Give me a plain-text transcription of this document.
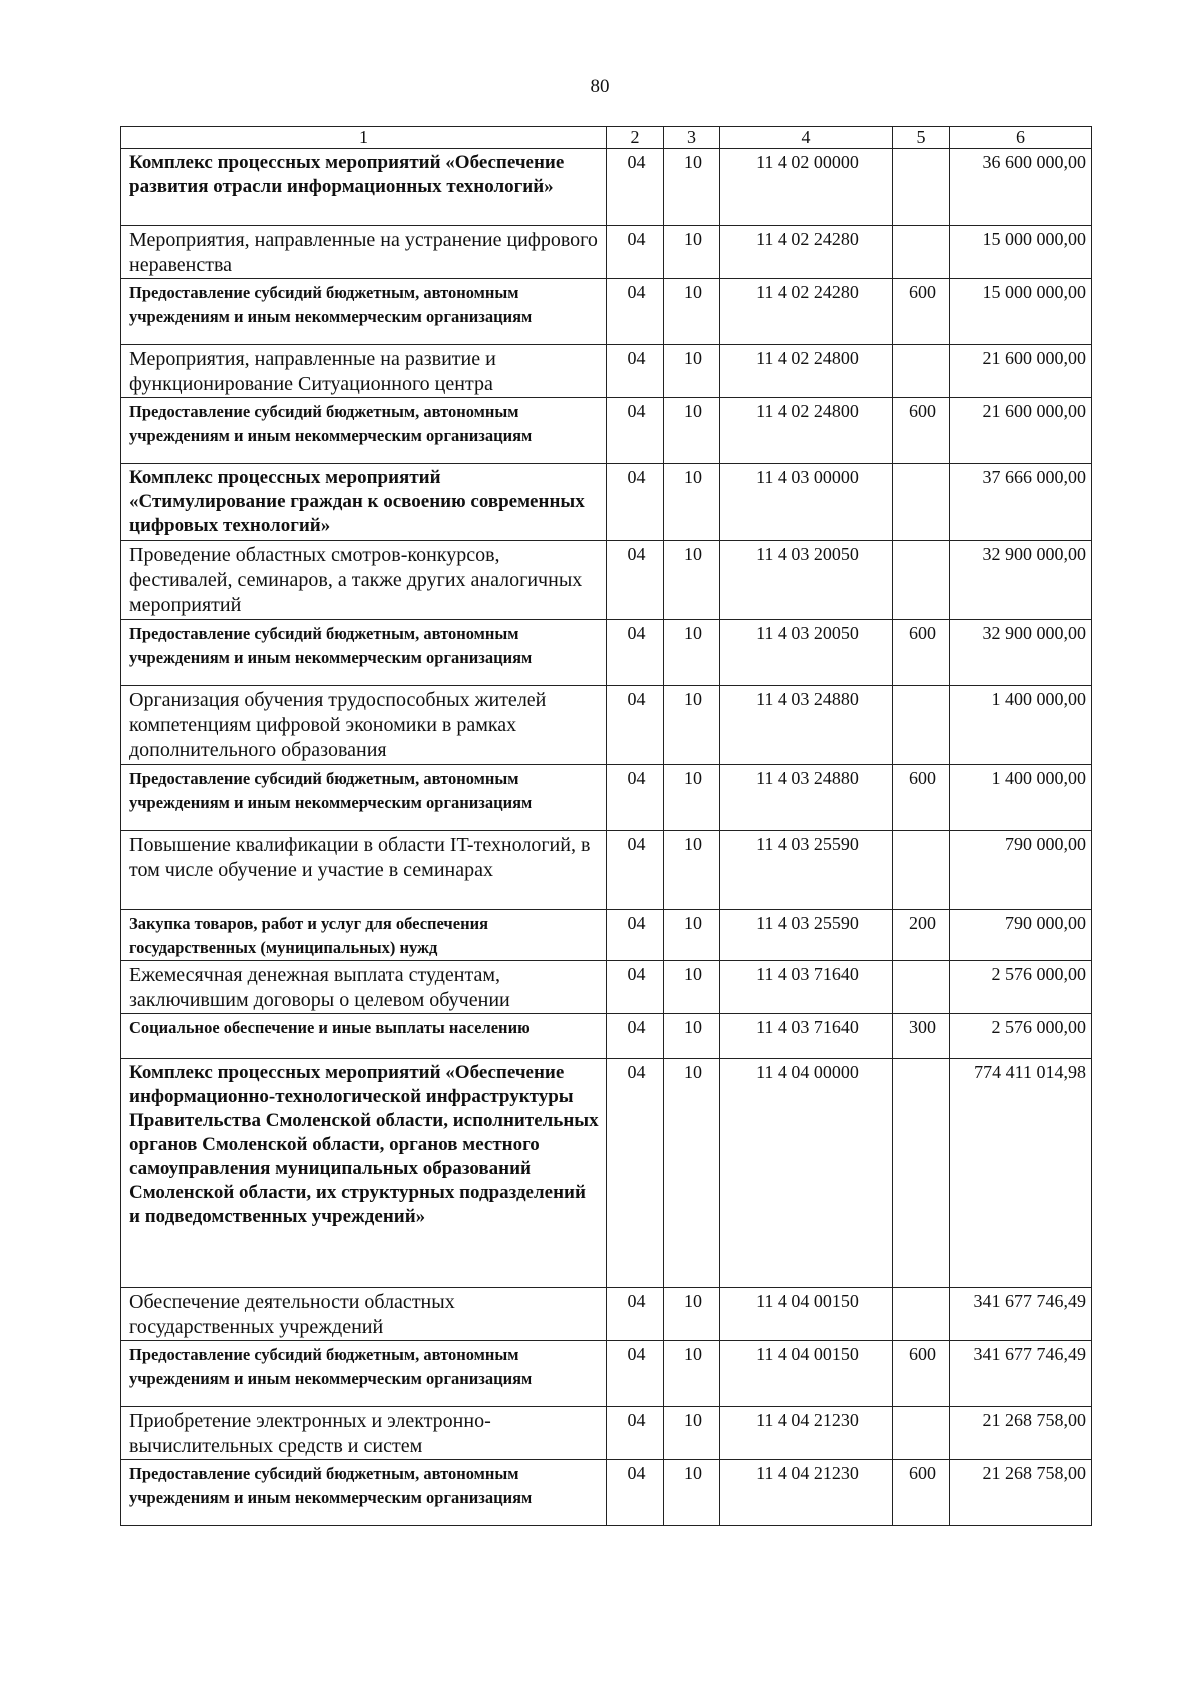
80
1	2	3	4	5	6
Комплекс процессных мероприятий «Обеспечение развития отрасли информационных технологий»	04	10	11 4 02 00000		36 600 000,00
Мероприятия, направленные на устранение цифрового неравенства	04	10	11 4 02 24280		15 000 000,00
Предоставление субсидий бюджетным, автономным учреждениям и иным некоммерческим организациям	04	10	11 4 02 24280	600	15 000 000,00
Мероприятия, направленные на развитие и функционирование Ситуационного центра	04	10	11 4 02 24800		21 600 000,00
Предоставление субсидий бюджетным, автономным учреждениям и иным некоммерческим организациям	04	10	11 4 02 24800	600	21 600 000,00
Комплекс процессных мероприятий «Стимулирование граждан к освоению современных цифровых технологий»	04	10	11 4 03 00000		37 666 000,00
Проведение областных смотров-конкурсов, фестивалей, семинаров, а также других аналогичных мероприятий	04	10	11 4 03 20050		32 900 000,00
Предоставление субсидий бюджетным, автономным учреждениям и иным некоммерческим организациям	04	10	11 4 03 20050	600	32 900 000,00
Организация обучения трудоспособных жителей компетенциям цифровой экономики в рамках дополнительного образования	04	10	11 4 03 24880		1 400 000,00
Предоставление субсидий бюджетным, автономным учреждениям и иным некоммерческим организациям	04	10	11 4 03 24880	600	1 400 000,00
Повышение квалификации в области IT-технологий, в том числе обучение и участие в семинарах	04	10	11 4 03 25590		790 000,00
Закупка товаров, работ и услуг для обеспечения государственных (муниципальных) нужд	04	10	11 4 03 25590	200	790 000,00
Ежемесячная денежная выплата студентам, заключившим договоры о целевом обучении	04	10	11 4 03 71640		2 576 000,00
Социальное обеспечение и иные выплаты населению	04	10	11 4 03 71640	300	2 576 000,00
Комплекс процессных мероприятий «Обеспечение информационно-технологической инфраструктуры Правительства Смоленской области, исполнительных органов Смоленской области, органов местного самоуправления муниципальных образований Смоленской области, их структурных подразделений и подведомственных учреждений»	04	10	11 4 04 00000		774 411 014,98
Обеспечение деятельности областных государственных учреждений	04	10	11 4 04 00150		341 677 746,49
Предоставление субсидий бюджетным, автономным учреждениям и иным некоммерческим организациям	04	10	11 4 04 00150	600	341 677 746,49
Приобретение электронных и электронно-вычислительных средств и систем	04	10	11 4 04 21230		21 268 758,00
Предоставление субсидий бюджетным, автономным учреждениям и иным некоммерческим организациям	04	10	11 4 04 21230	600	21 268 758,00
